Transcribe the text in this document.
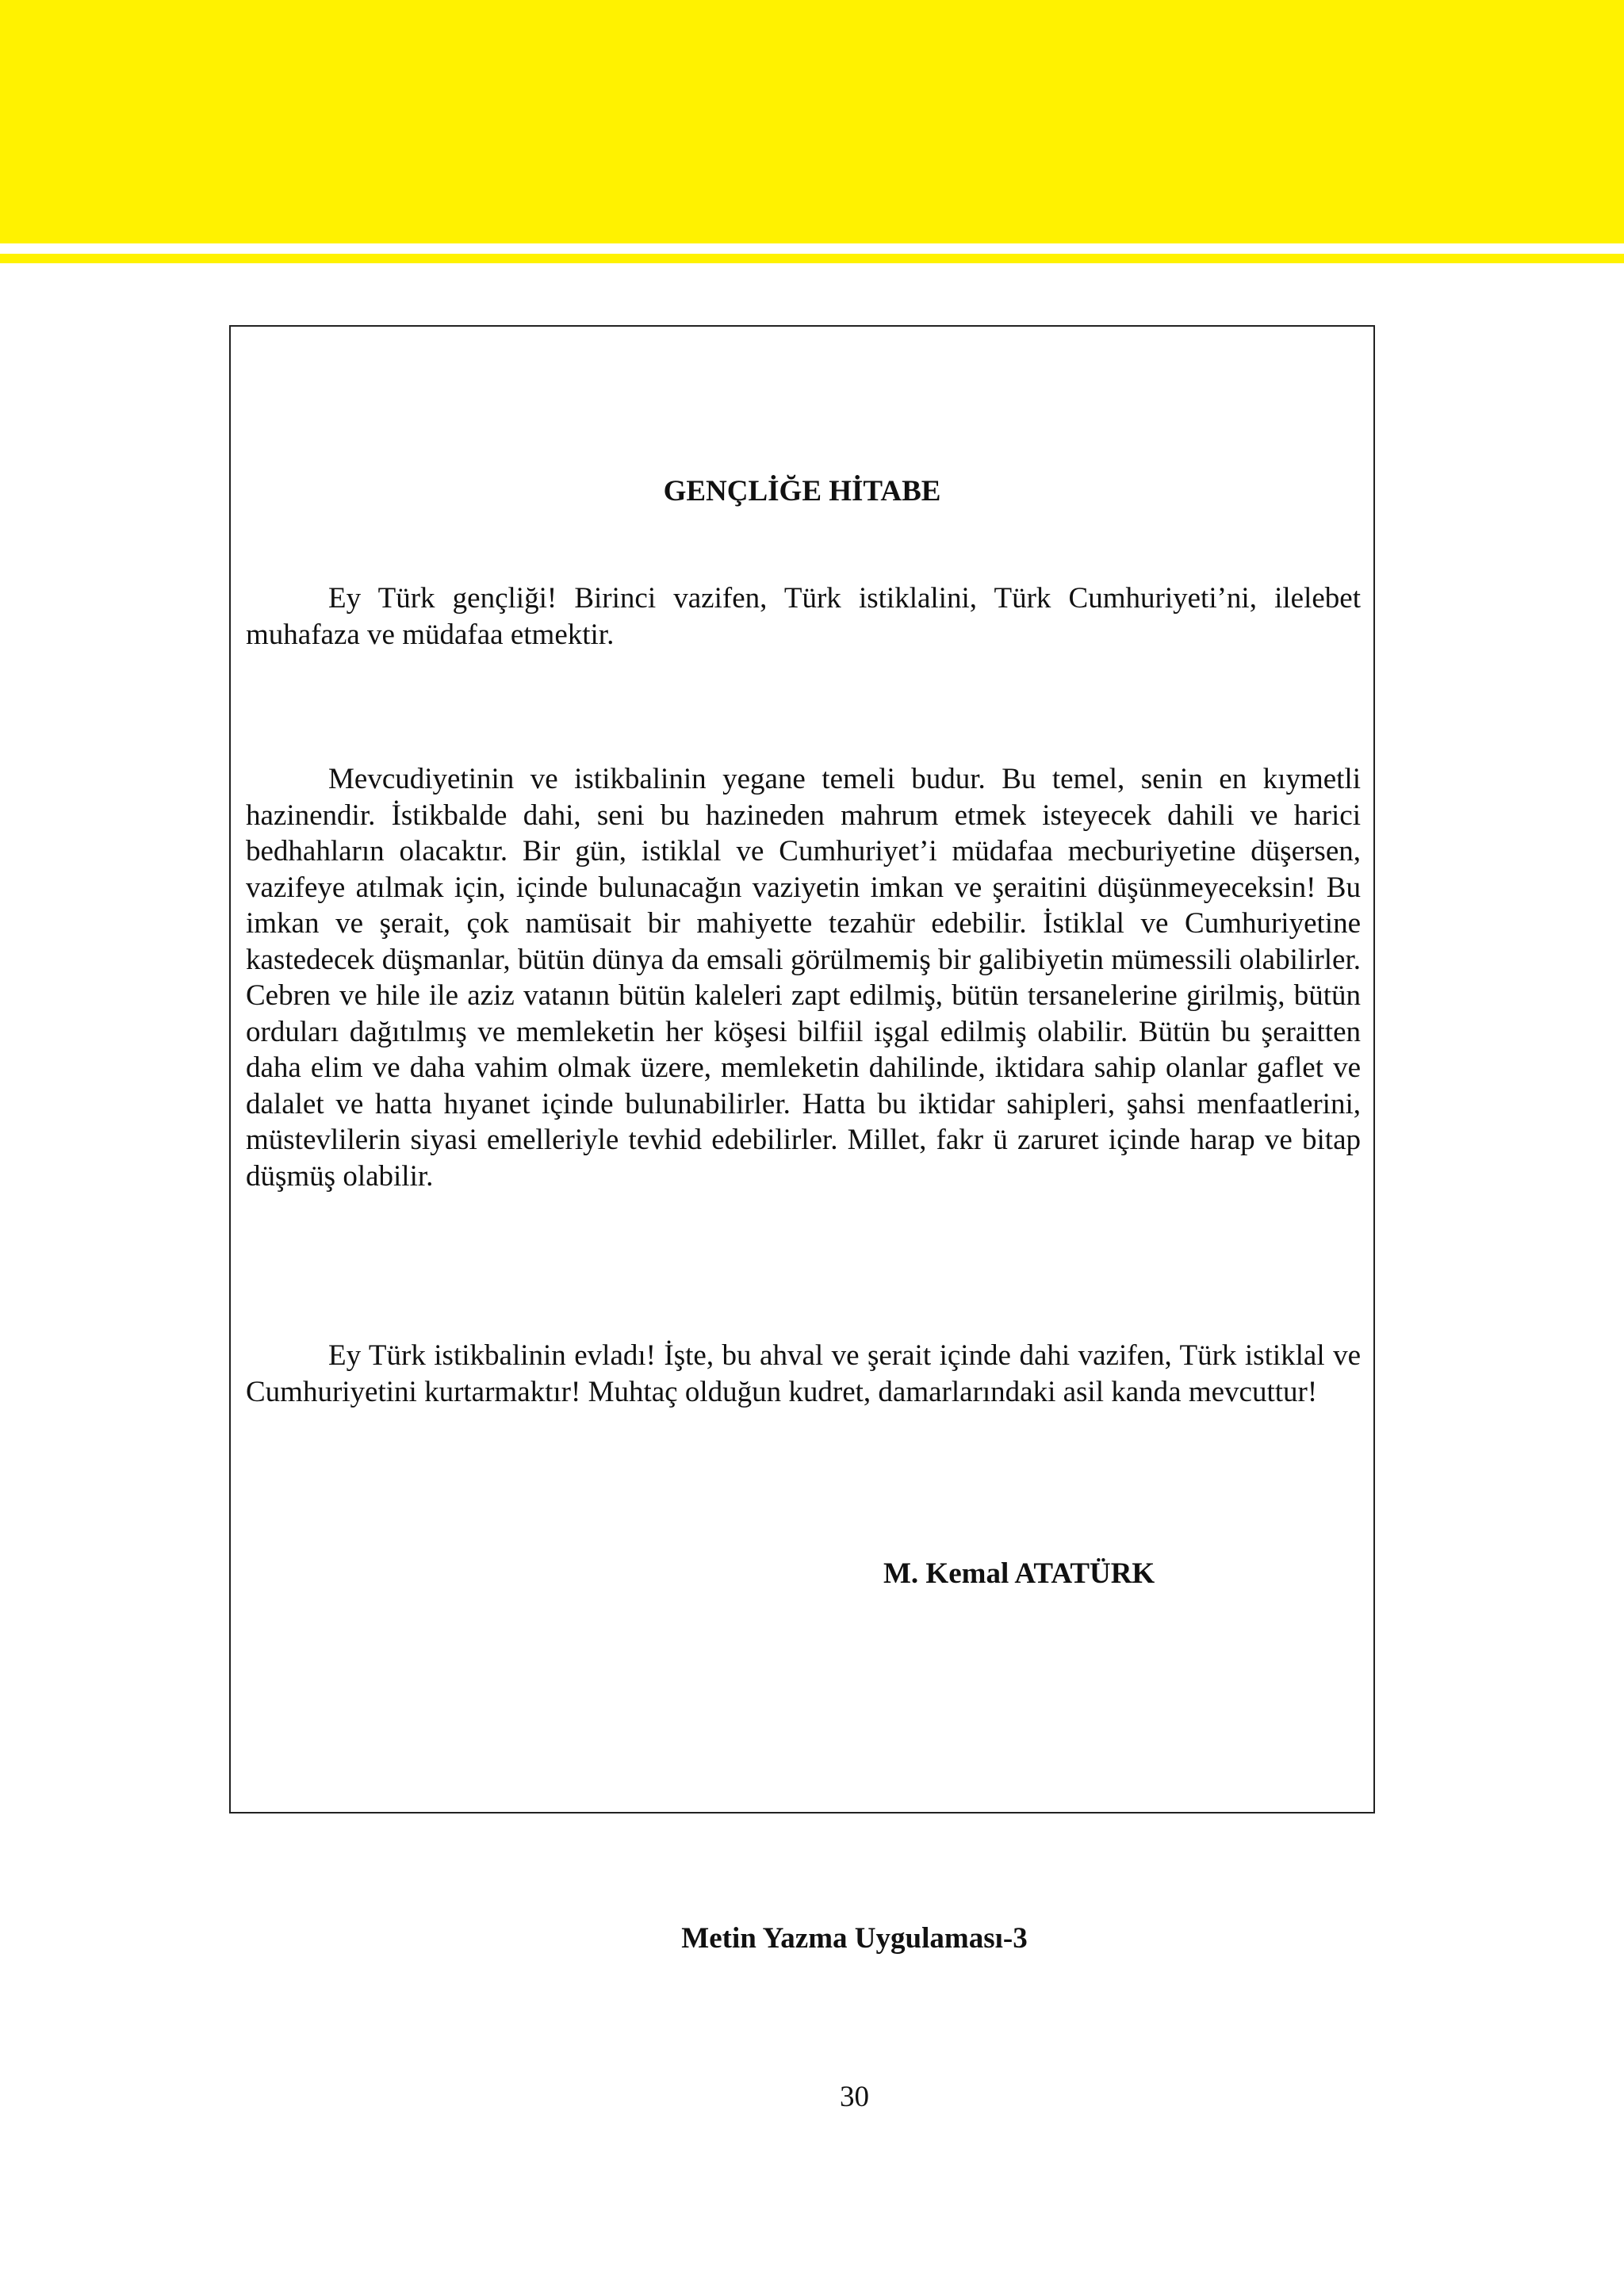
GENÇLİĞE HİTABE

Ey Türk gençliği! Birinci vazifen, Türk istiklalini, Türk Cumhuriyeti’ni, ilelebet muhafaza ve müdafaa etmektir.

Mevcudiyetinin ve istikbalinin yegane temeli budur. Bu temel, senin en kıymetli hazinendir. İstikbalde dahi, seni bu hazineden mahrum etmek isteyecek dahili ve harici bedhahların olacaktır. Bir gün, istiklal ve Cumhuriyet’i müdafaa mecburiyetine düşersen, vazifeye atılmak için, içinde bulunacağın vaziyetin imkan ve şeraitini düşünmeyeceksin! Bu imkan ve şerait, çok namüsait bir mahiyette tezahür edebilir. İstiklal ve Cumhuriyetine kastedecek düşmanlar, bütün dünya da emsali görülmemiş bir galibiyetin mümessili olabilirler. Cebren ve hile ile aziz vatanın bütün kaleleri zapt edilmiş, bütün tersanelerine girilmiş, bütün orduları dağıtılmış ve memleketin her köşesi bilfiil işgal edilmiş olabilir. Bütün bu şeraitten daha elim ve daha vahim olmak üzere, memleketin dahilinde, iktidara sahip olanlar gaflet ve dalalet ve hatta hıyanet içinde bulunabilirler. Hatta bu iktidar sahipleri, şahsi menfaatlerini, müstevlilerin siyasi emelleriyle tevhid edebilirler. Millet, fakr ü zaruret içinde harap ve bitap düşmüş olabilir.

Ey Türk istikbalinin evladı! İşte, bu ahval ve şerait içinde dahi vazifen, Türk istiklal ve Cumhuriyetini kurtarmaktır! Muhtaç olduğun kudret, damarlarındaki asil kanda mevcuttur!

M. Kemal ATATÜRK

Metin Yazma Uygulaması-3

30
